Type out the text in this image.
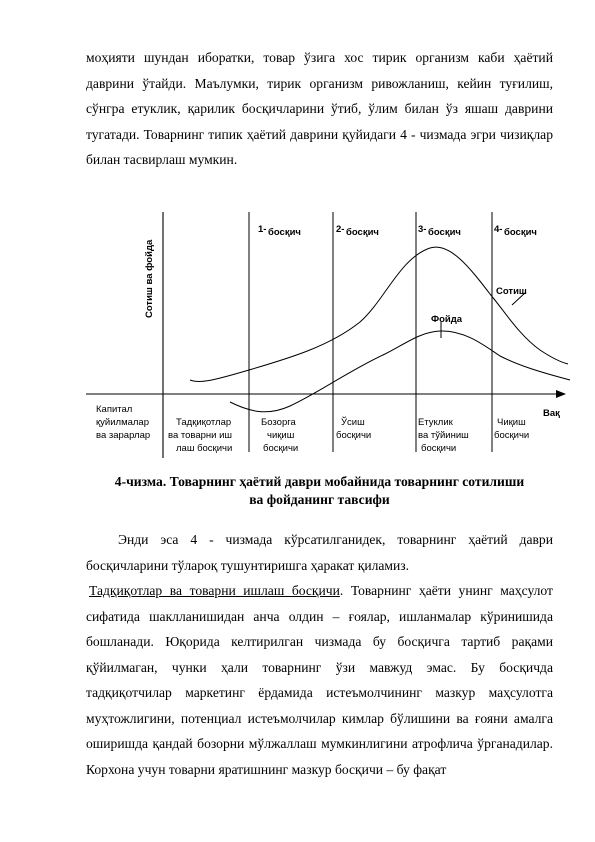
моҳияти шундан иборатки, товар ўзига хос тирик организм каби ҳаётий даврини ўтайди. Маълумки, тирик организм ривожланиш, кейин туғилиш, сўнгра етуклик, қарилик босқичларини ўтиб, ўлим билан ўз яшаш даврини тугатади. Товарнинг типик ҳаётий даврини қуйидаги 4 - чизмада эгри чизиқлар билан тасвирлаш мумкин.

Сотиш ва фойда
Вақ
1- босқич	2- босқич	3- босқич	4- босқич
Сотиш
Фойда
Капитал
қуйилмалар
ва зарарлар
Тадқиқотлар
ва товарни иш
лаш босқичи
Бозорга
чиқиш
босқичи
Ўсиш
босқичи
Етуклик
ва тўйиниш
босқичи
Чиқиш
босқичи
4-чизма. Товарнинг ҳаётий даври мобайнида товарнинг сотилиши
ва фойданинг тавсифи

Энди эса 4 - чизмада кўрсатилганидек, товарнинг ҳаётий даври босқичларини тўлароқ тушунтиришга ҳаракат қиламиз.

Тадқиқотлар ва товарни ишлаш босқичи. Товарнинг ҳаёти унинг маҳсулот сифатида шаклланишидан анча олдин – ғоялар, ишланмалар кўринишида бошланади. Юқорида келтирилган чизмада бу босқичга тартиб рақами қўйилмаган, чунки ҳали товарнинг ўзи мавжуд эмас. Бу босқичда тадқиқотчилар маркетинг ёрдамида истеъмолчининг мазкур маҳсулотга муҳтожлигини, потенциал истеъмолчилар кимлар бўлишини ва ғояни амалга оширишда қандай бозорни мўлжаллаш мумкинлигини атрофлича ўрганадилар. Корхона учун товарни яратишнинг мазкур босқичи – бу фақат
